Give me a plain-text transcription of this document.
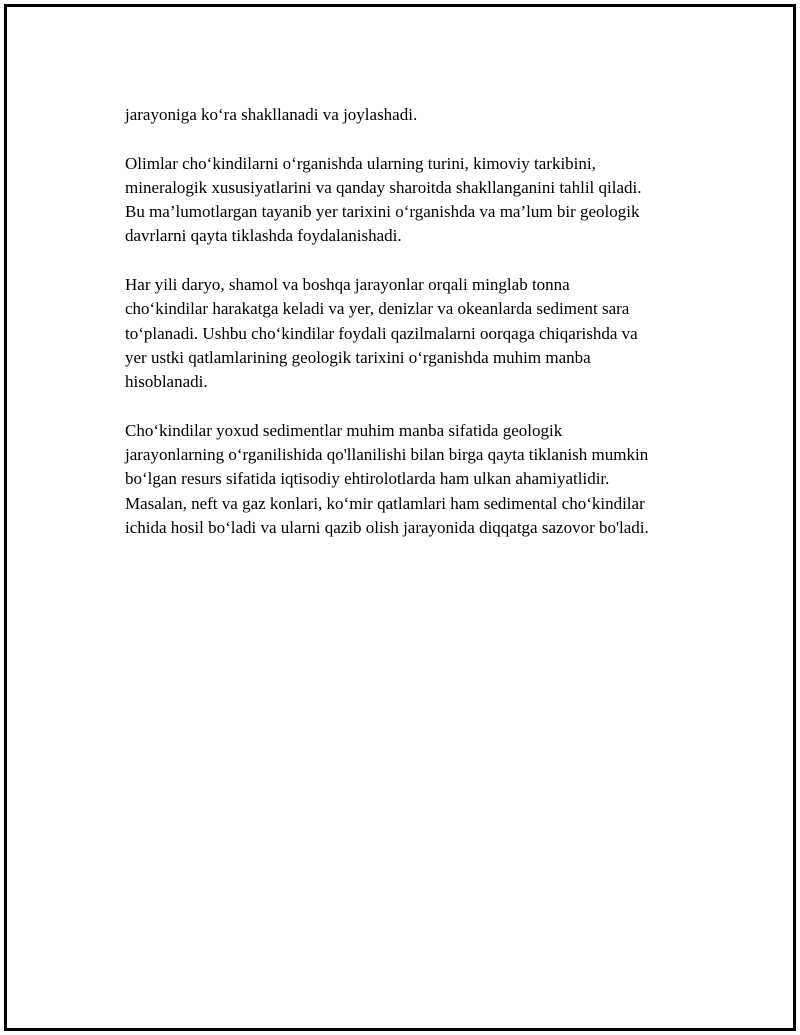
jarayoniga ko‘ra shakllanadi va joylashadi.
Olimlar cho‘kindilarni o‘rganishda ularning turini, kimoviy tarkibini,
mineralogik xususiyatlarini va qanday sharoitda shakllanganini tahlil qiladi.
Bu ma’lumotlargan tayanib yer tarixini o‘rganishda va ma’lum bir geologik
davrlarni qayta tiklashda foydalanishadi.
Har yili daryo, shamol va boshqa jarayonlar orqali minglab tonna
cho‘kindilar harakatga keladi va yer, denizlar va okeanlarda sediment sara
to‘planadi. Ushbu cho‘kindilar foydali qazilmalarni oorqaga chiqarishda va
yer ustki qatlamlarining geologik tarixini o‘rganishda muhim manba
hisoblanadi.
Cho‘kindilar yoxud sedimentlar muhim manba sifatida geologik
jarayonlarning o‘rganilishida qo'llanilishi bilan birga qayta tiklanish mumkin
bo‘lgan resurs sifatida iqtisodiy ehtirolotlarda ham ulkan ahamiyatlidir.
Masalan, neft va gaz konlari, ko‘mir qatlamlari ham sedimental cho‘kindilar
ichida hosil bo‘ladi va ularni qazib olish jarayonida diqqatga sazovor bo'ladi.
